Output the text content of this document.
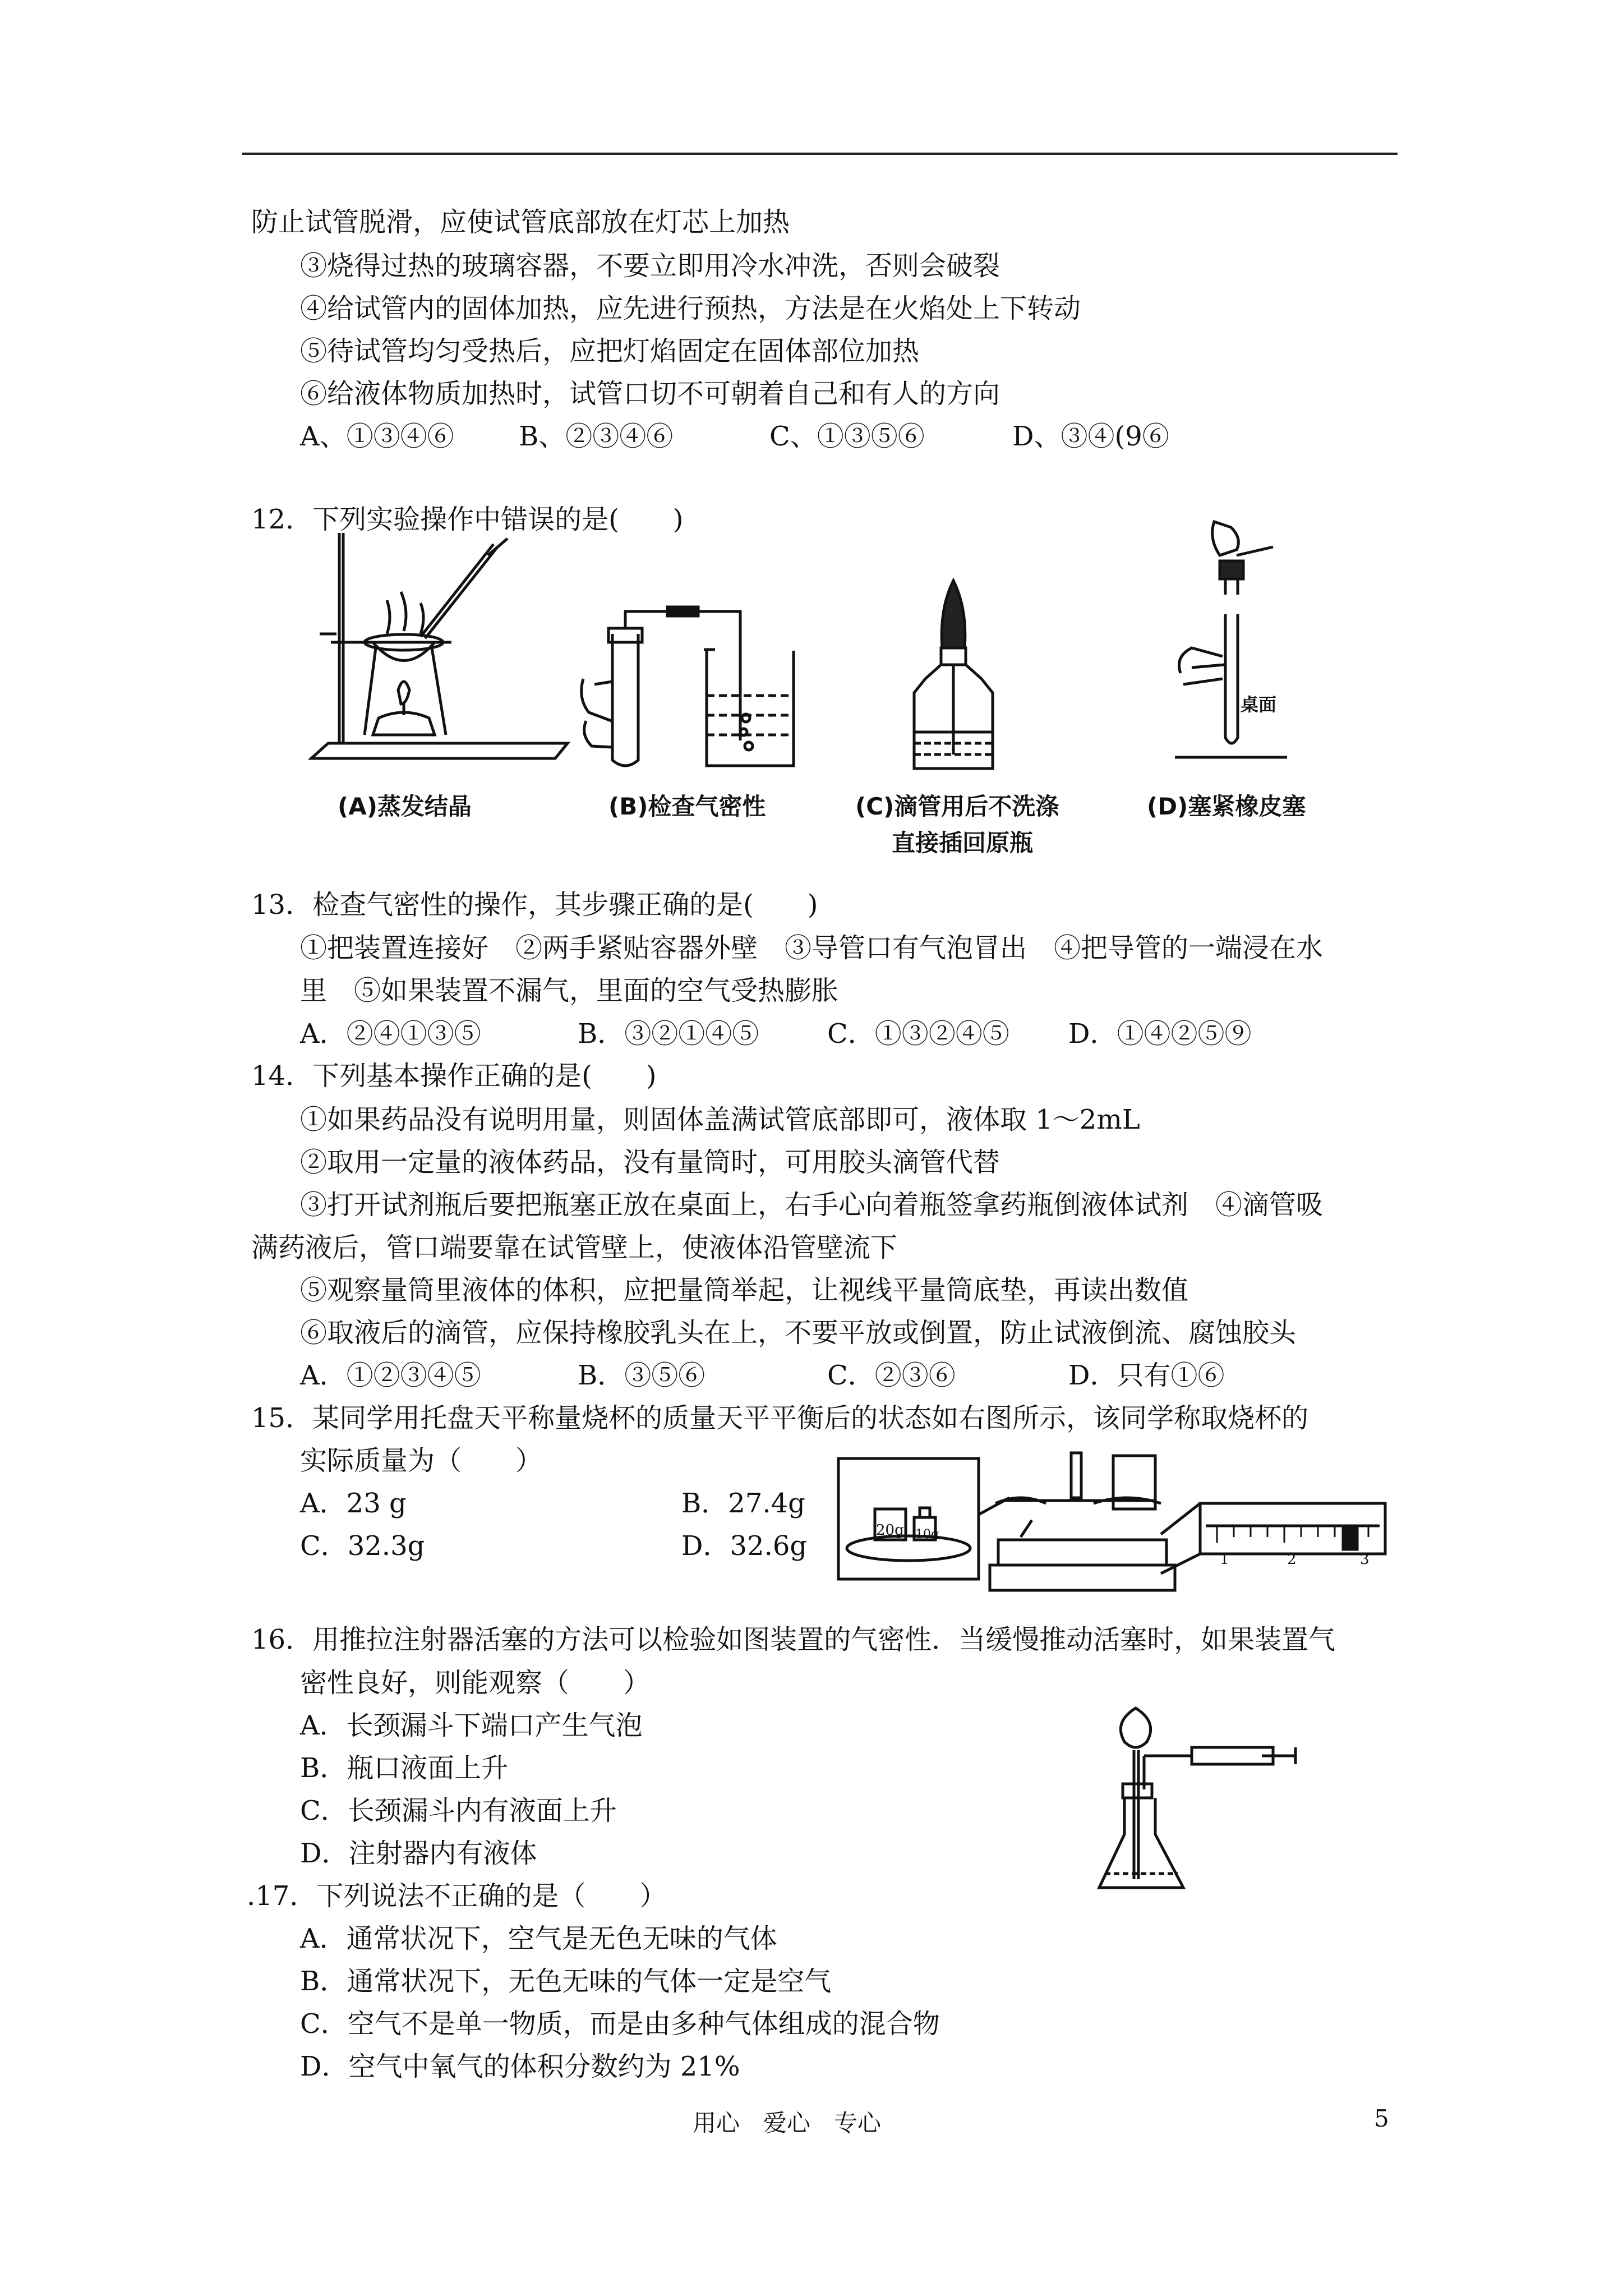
防止试管脱滑，应使试管底部放在灯芯上加热
③烧得过热的玻璃容器，不要立即用冷水冲洗，否则会破裂
④给试管内的固体加热，应先进行预热，方法是在火焰处上下转动
⑤待试管均匀受热后，应把灯焰固定在固体部位加热
⑥给液体物质加热时，试管口切不可朝着自己和有人的方向
A、①③④⑥ B、②③④⑥	C、①③⑤⑥	D、③④(9⑥
12．下列实验操作中错误的是(　　)
(A)蒸发结晶	(B)检查气密性	(C)滴管用后不洗涤
直接插回原瓶
桌面
(D)塞紧橡皮塞
13．检查气密性的操作，其步骤正确的是(　　)
①把装置连接好　②两手紧贴容器外壁　③导管口有气泡冒出　④把导管的一端浸在水
里　⑤如果装置不漏气，里面的空气受热膨胀
A．②④①③⑤	B．③②①④⑤	C．①③②④⑤ D．①④②⑤⑨
14．下列基本操作正确的是(　　)
①如果药品没有说明用量，则固体盖满试管底部即可，液体取 1～2mL
②取用一定量的液体药品，没有量筒时，可用胶头滴管代替
③打开试剂瓶后要把瓶塞正放在桌面上，右手心向着瓶签拿药瓶倒液体试剂　④滴管吸
满药液后，管口端要靠在试管壁上，使液体沿管壁流下
⑤观察量筒里液体的体积，应把量筒举起，让视线平量筒底垫，再读出数值
⑥取液后的滴管，应保持橡胶乳头在上，不要平放或倒置，防止试液倒流、腐蚀胶头
A．①②③④⑤	B．③⑤⑥	C．②③⑥	D．只有①⑥
15．某同学用托盘天平称量烧杯的质量天平平衡后的状态如右图所示，该同学称取烧杯的
实际质量为（　　）
A．23 g	B．27.4g
C．32.3g	D．32.6g	20g 10g
1	2	3
16．用推拉注射器活塞的方法可以检验如图装置的气密性．当缓慢推动活塞时，如果装置气
密性良好，则能观察（　　）
A．长颈漏斗下端口产生气泡
B．瓶口液面上升
C．长颈漏斗内有液面上升
D．注射器内有液体
.17．下列说法不正确的是（　　）
A．通常状况下，空气是无色无味的气体
B．通常状况下，无色无味的气体一定是空气
C．空气不是单一物质，而是由多种气体组成的混合物
D．空气中氧气的体积分数约为 21%
用心　爱心　专心	5
